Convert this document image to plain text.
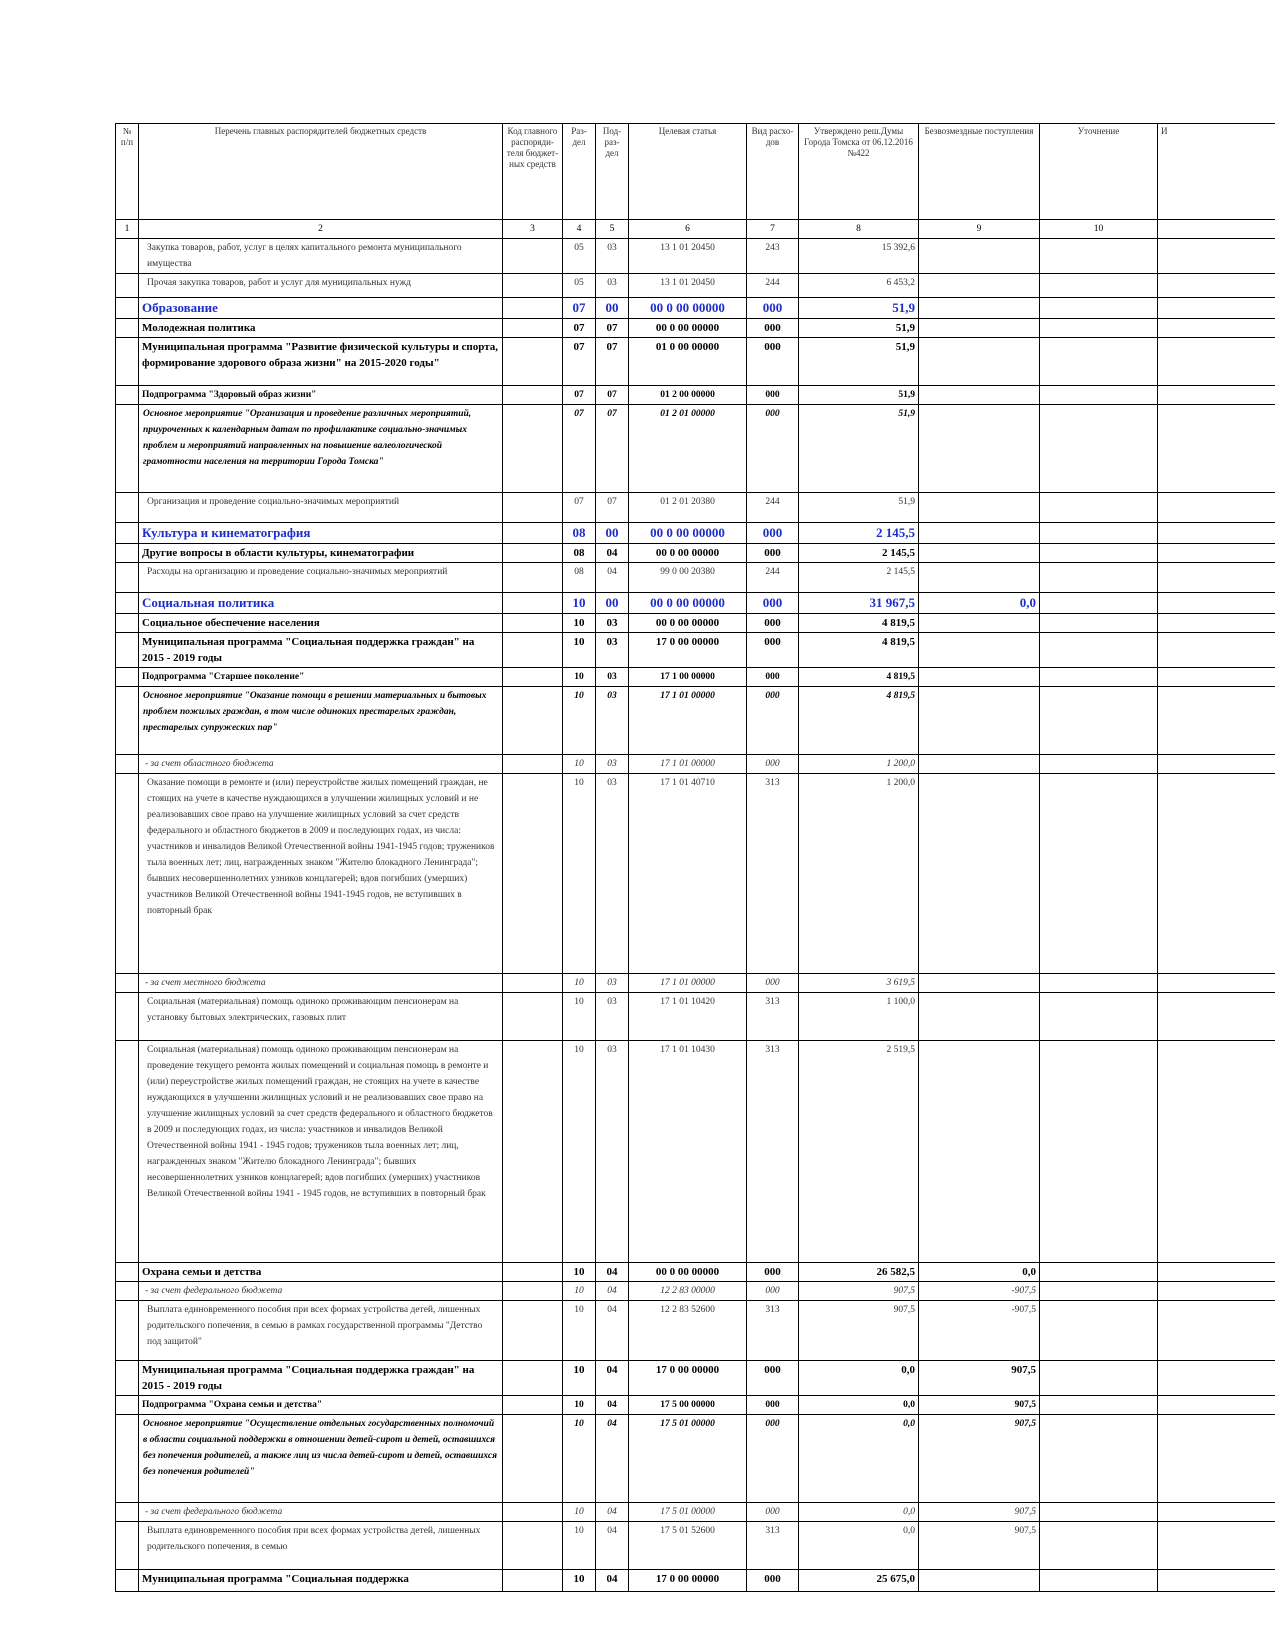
№ п/п	Перечень главных распорядителей бюджетных средств	Код главного распоряди-теля бюджет-ных средств	Раз-дел	Под-раз-дел	Целевая статья	Вид расхо-дов	Утверждено реш.Думы Города Томска от 06.12.2016 №422	Безвозмездные поступления	Уточнение	И
1	2	3	4	5	6	7	8	9	10	
	Закупка товаров, работ, услуг в целях капитального ремонта муниципального имущества		05	03	13 1 01 20450	243	15 392,6			
	Прочая закупка товаров, работ и услуг для муниципальных нужд		05	03	13 1 01 20450	244	6 453,2			
	Образование		07	00	00 0 00 00000	000	51,9			
	Молодежная политика		07	07	00 0 00 00000	000	51,9			
	Муниципальная программа "Развитие физической культуры и спорта, формирование здорового образа жизни" на 2015-2020 годы"		07	07	01 0 00 00000	000	51,9			
	Подпрограмма "Здоровый образ жизни"		07	07	01 2 00 00000	000	51,9			
	Основное мероприятие "Организация и проведение различных мероприятий, приуроченных к календарным датам по профилактике социально-значимых проблем и мероприятий направленных на повышение валеологической грамотности населения на территории Города Томска"		07	07	01 2 01 00000	000	51,9			
	Организация и проведение социально-значимых мероприятий		07	07	01 2 01 20380	244	51,9			
	Культура и кинематография		08	00	00 0 00 00000	000	2 145,5			
	Другие вопросы в области культуры, кинематографии		08	04	00 0 00 00000	000	2 145,5			
	Расходы на организацию и проведение социально-значимых мероприятий		08	04	99 0 00 20380	244	2 145,5			
	Социальная политика		10	00	00 0 00 00000	000	31 967,5	0,0		
	Социальное обеспечение населения		10	03	00 0 00 00000	000	4 819,5			
	Муниципальная программа "Социальная поддержка граждан" на 2015 - 2019 годы		10	03	17 0 00 00000	000	4 819,5			
	Подпрограмма "Старшее поколение"		10	03	17 1 00 00000	000	4 819,5			
	Основное мероприятие "Оказание помощи в решении материальных и бытовых проблем пожилых граждан, в том числе одиноких престарелых граждан, престарелых супружеских пар"		10	03	17 1 01 00000	000	4 819,5			
	- за счет областного бюджета		10	03	17 1 01 00000	000	1 200,0			
	Оказание помощи в ремонте и (или) переустройстве жилых помещений граждан, не стоящих на учете в качестве нуждающихся в улучшении жилищных условий и не реализовавших свое право на улучшение жилищных условий за счет средств федерального и областного бюджетов в 2009 и последующих годах, из числа: участников и инвалидов Великой Отечественной войны 1941-1945 годов; тружеников тыла военных лет; лиц, награжденных знаком "Жителю блокадного Ленинграда"; бывших несовершеннолетних узников концлагерей; вдов погибших (умерших) участников Великой Отечественной войны 1941-1945 годов, не вступивших в повторный брак		10	03	17 1 01 40710	313	1 200,0			
	- за счет местного бюджета		10	03	17 1 01 00000	000	3 619,5			
	Социальная (материальная) помощь одиноко проживающим пенсионерам на установку бытовых электрических, газовых плит		10	03	17 1 01 10420	313	1 100,0			
	Социальная (материальная) помощь одиноко проживающим пенсионерам на проведение текущего ремонта жилых помещений и социальная помощь в ремонте и (или) переустройстве жилых помещений граждан, не стоящих на учете в качестве нуждающихся в улучшении жилищных условий и не реализовавших свое право на улучшение жилищных условий за счет средств федерального и областного бюджетов в 2009 и последующих годах, из числа: участников и инвалидов Великой Отечественной войны 1941 - 1945 годов; тружеников тыла военных лет; лиц, награжденных знаком "Жителю блокадного Ленинграда"; бывших несовершеннолетних узников концлагерей; вдов погибших (умерших) участников Великой Отечественной войны 1941 - 1945 годов, не вступивших в повторный брак		10	03	17 1 01 10430	313	2 519,5			
	Охрана семьи и детства		10	04	00 0 00 00000	000	26 582,5	0,0		
	- за счет федерального бюджета		10	04	12 2 83 00000	000	907,5	-907,5		
	Выплата единовременного пособия при всех формах устройства детей, лишенных родительского попечения, в семью в рамках государственной программы "Детство под защитой"		10	04	12 2 83 52600	313	907,5	-907,5		
	Муниципальная программа "Социальная поддержка граждан" на 2015 - 2019 годы		10	04	17 0 00 00000	000	0,0	907,5		
	Подпрограмма "Охрана семьи и детства"		10	04	17 5 00 00000	000	0,0	907,5		
	Основное мероприятие "Осуществление отдельных государственных полномочий в области социальной поддержки в отношении детей-сирот и детей, оставшихся без попечения родителей, а также лиц из числа детей-сирот и детей, оставшихся без попечения родителей"		10	04	17 5 01 00000	000	0,0	907,5		
	- за счет федерального бюджета		10	04	17 5 01 00000	000	0,0	907,5		
	Выплата единовременного пособия при всех формах устройства детей, лишенных родительского попечения, в семью		10	04	17 5 01 52600	313	0,0	907,5		
	Муниципальная программа "Социальная поддержка		10	04	17 0 00 00000	000	25 675,0			
